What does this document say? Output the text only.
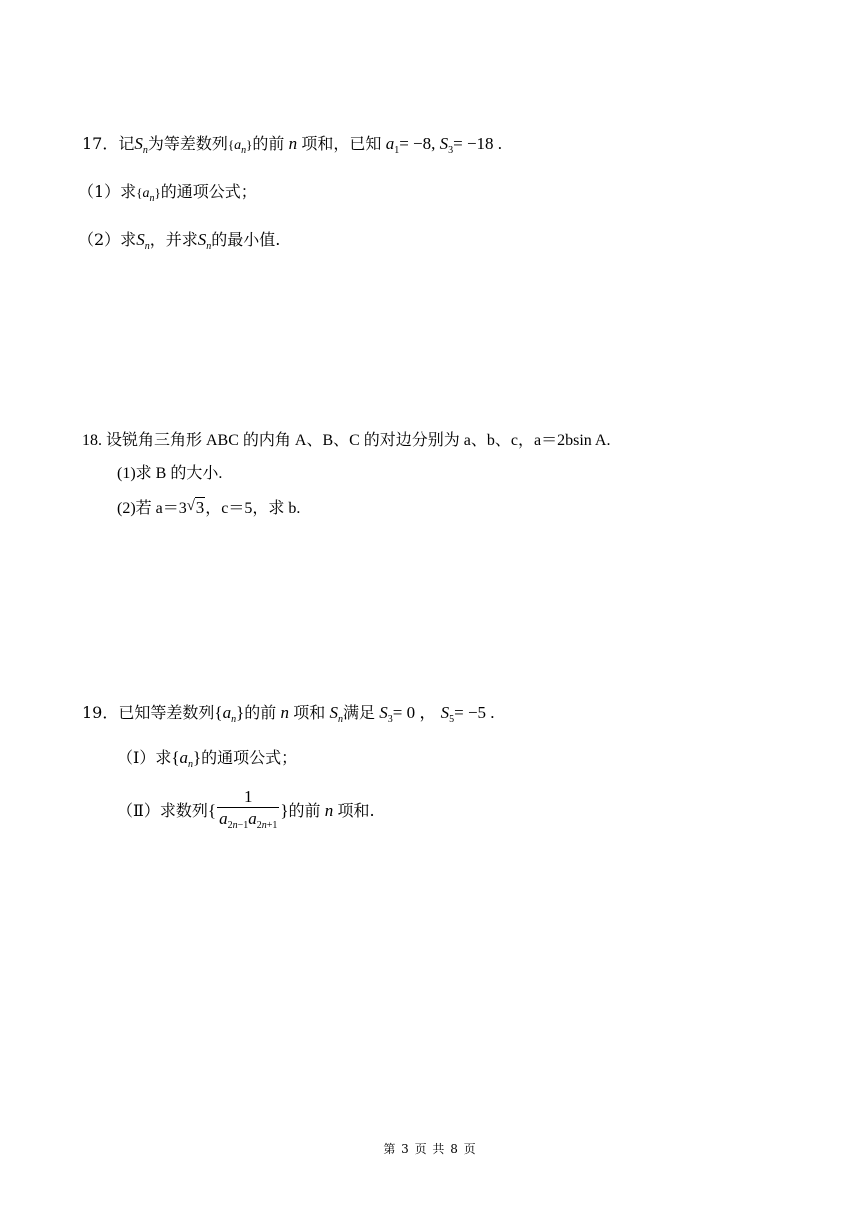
17．记$S_n$为等差数列$\{a_n\}$的前 n 项和，已知 $a_1= -8$, $S_3= -18$ .
（1）求$\{a_n\}$的通项公式；
（2）求$S_n$，并求$S_n$的最小值.
18. 设锐角三角形 ABC 的内角 A、B、C 的对边分别为 a、b、c，a＝2bsin A.
(1)求 B 的大小.
(2)若 a＝3 √ 3，c＝5，求 b.
19．已知等差数列$\{a_n\}$的前 n 项和 $S_n$满足 $S_3= 0$ ， $S_5= -5$ .
（Ⅰ）求$\{a_n\}$的通项公式；
（Ⅱ）求数列{ $\frac{1}{a_{2n-1}a_{2n+1}}$ }的前 n 项和.
第 3 页 共 8 页
